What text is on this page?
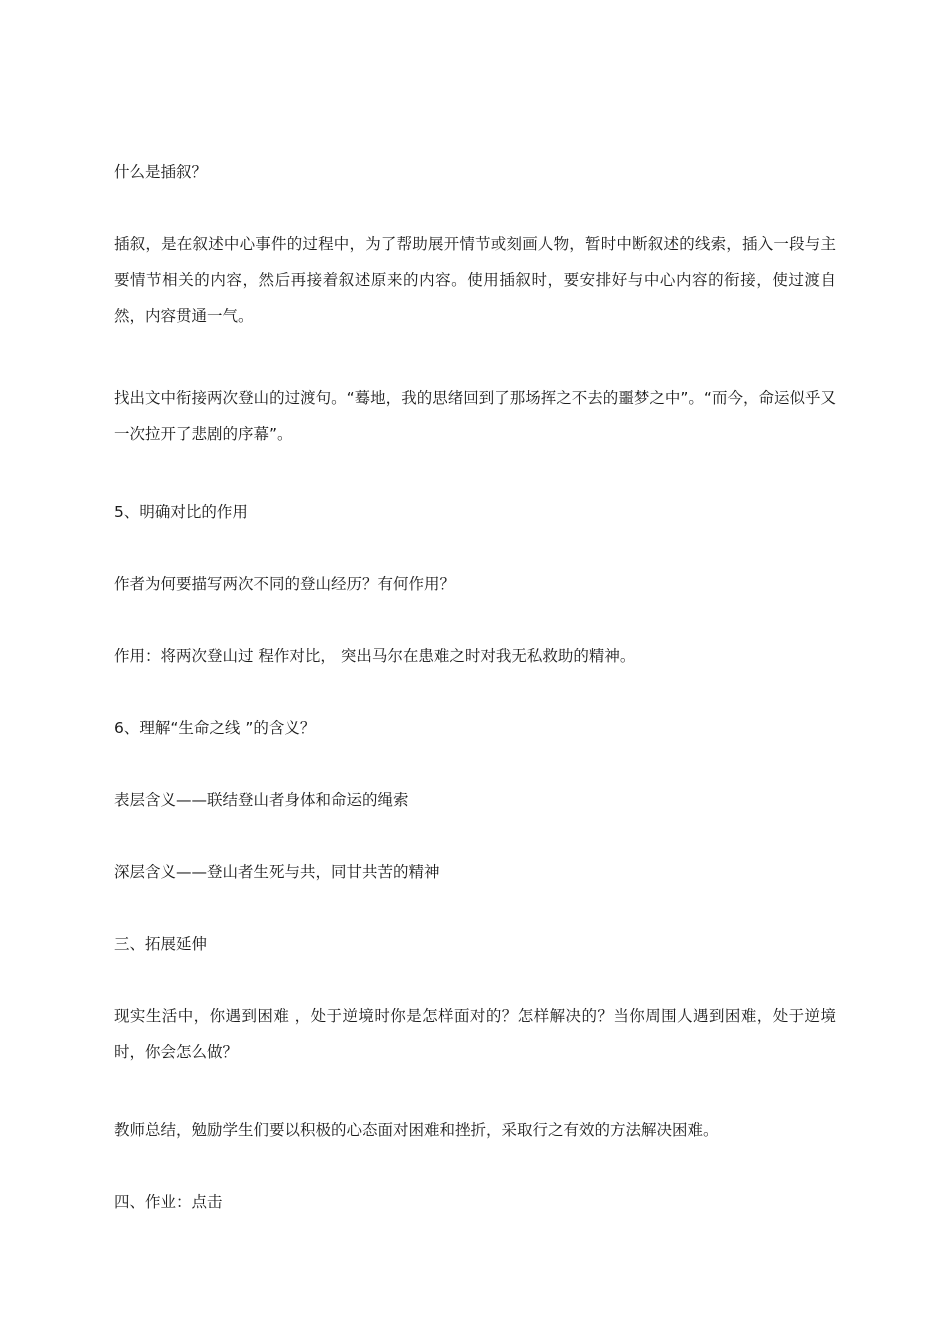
什么是插叙？

插叙，是在叙述中心事件的过程中，为了帮助展开情节或刻画人物，暂时中断叙述的线索，插入一段与主要情节相关的内容，然后再接着叙述原来的内容。使用插叙时，要安排好与中心内容的衔接，使过渡自然，内容贯通一气。

找出文中衔接两次登山的过渡句。“蓦地，我的思绪回到了那场挥之不去的噩梦之中”。“而今，命运似乎又一次拉开了悲剧的序幕”。

5、明确对比的作用

作者为何要描写两次不同的登山经历？有何作用？

作用：将两次登山过 程作对比， 突出马尔在患难之时对我无私救助的精神。

6、理解“生命之线 ”的含义？

表层含义——联结登山者身体和命运的绳索

深层含义——登山者生死与共，同甘共苦的精神

三、拓展延伸

现实生活中，你遇到困难 ，处于逆境时你是怎样面对的？怎样解决的？当你周围人遇到困难，处于逆境时，你会怎么做？

教师总结，勉励学生们要以积极的心态面对困难和挫折，采取行之有效的方法解决困难。

四、作业：点击
